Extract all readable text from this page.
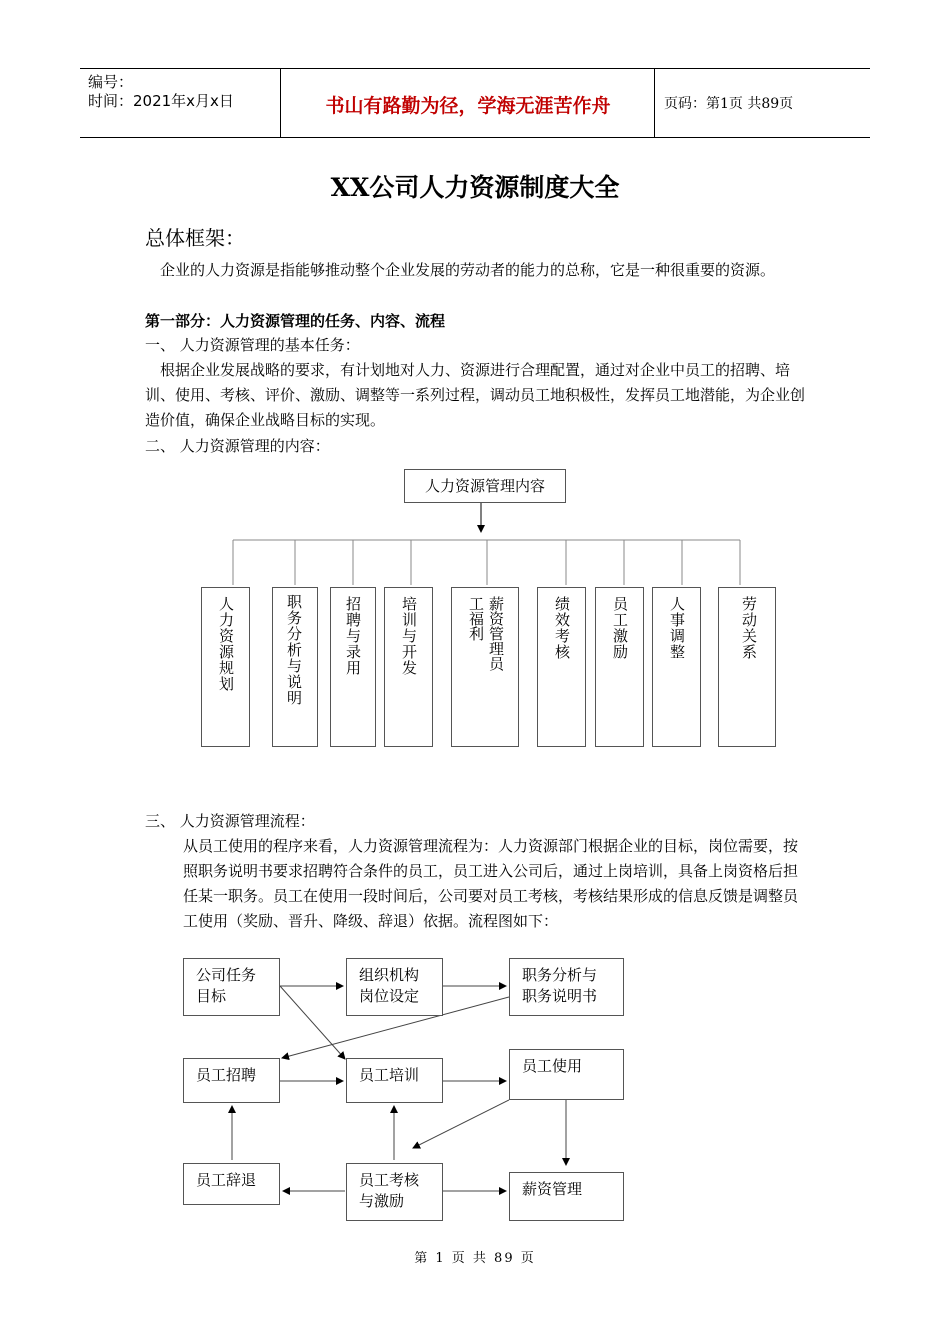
编号：
时间：2021年x月x日	书山有路勤为径，学海无涯苦作舟	页码：第1页 共89页
XX公司人力资源制度大全
总体框架：
企业的人力资源是指能够推动整个企业发展的劳动者的能力的总称，它是一种很重要的资源。
第一部分：人力资源管理的任务、内容、流程
一、 人力资源管理的基本任务：
根据企业发展战略的要求，有计划地对人力、资源进行合理配置，通过对企业中员工的招聘、培训、使用、考核、评价、激励、调整等一系列过程，调动员工地积极性，发挥员工地潜能，为企业创造价值，确保企业战略目标的实现。
二、 人力资源管理的内容：
人力资源管理内容
人力资源规划	职务分析与说明	招聘与录用	培训与开发	薪资管理员工福利	绩效考核	员工激励	人事调整	劳动关系
三、 人力资源管理流程：
从员工使用的程序来看，人力资源管理流程为：人力资源部门根据企业的目标，岗位需要，按照职务说明书要求招聘符合条件的员工，员工进入公司后，通过上岗培训，具备上岗资格后担任某一职务。员工在使用一段时间后，公司要对员工考核，考核结果形成的信息反馈是调整员工使用（奖励、晋升、降级、辞退）依据。流程图如下：
公司任务目标
组织机构岗位设定
职务分析与职务说明书
员工招聘	员工培训	员工使用
员工辞退	员工考核与激励
薪资管理
第 1 页 共 89 页
